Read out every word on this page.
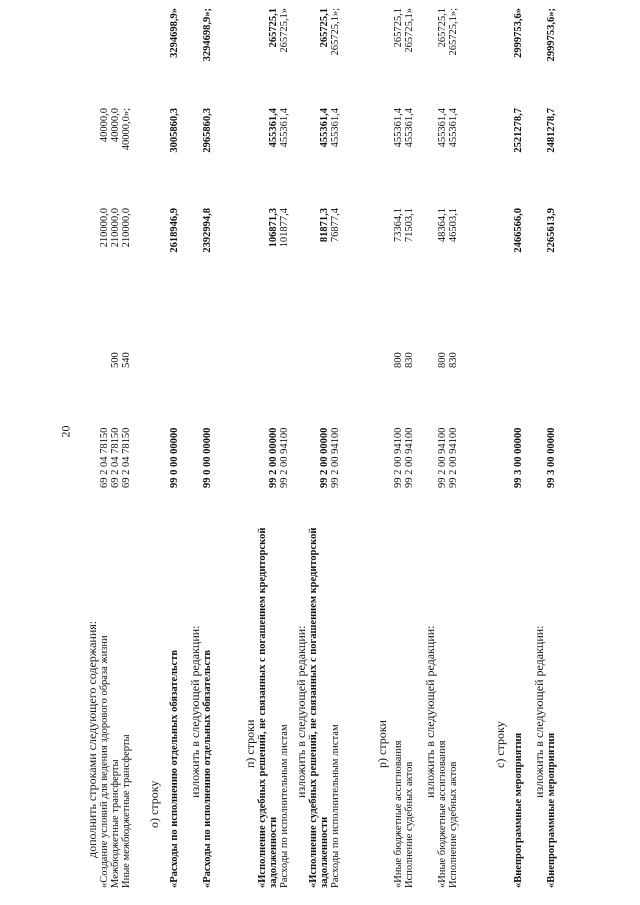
20
дополнить строками следующего содержания: «Создание условий для ведения здорового образа жизни
69 2 04 78150
210000,0
40000,0
Межбюджетные трансферты
69 2 04 78150
500
210000,0
40000,0
Иные межбюджетные трансферты
69 2 04 78150
540
210000,0
40000,0»;
о) строку «Расходы по исполнению отдельных обязательств
99 0 00 00000
2618946,9
3005860,3
3294698,9»
изложить в следующей редакции: «Расходы по исполнению отдельных обязательств
99 0 00 00000
2392994,8
2965860,3
3294698,9»;
п) строки «Исполнение судебных решений, не связанных с погашением кредиторской задолженности
99 2 00 00000
106871,3
455361,4
265725,1
Расходы по исполнительным листам
99 2 00 94100
101877,4
455361,4
265725,1»
изложить в следующей редакции: «Исполнение судебных решений, не связанных с погашением кредиторской задолженности
99 2 00 00000
81871,3
455361,4
265725,1
Расходы по исполнительным листам
99 2 00 94100
76877,4
455361,4
265725,1»;
р) строки «Иные бюджетные ассигнования
99 2 00 94100
800
73364,1
455361,4
265725,1
Исполнение судебных актов
99 2 00 94100
830
71503,1
455361,4
265725,1»
изложить в следующей редакции:
«Иные бюджетные ассигнования
99 2 00 94100
800
48364,1
455361,4
265725,1
Исполнение судебных актов
99 2 00 94100
830
46503,1
455361,4
265725,1»;
с) строку «Внепрограммные мероприятия
99 3 00 00000
2466566,0
2521278,7
2999753,6»
изложить в следующей редакции:
«Внепрограммные мероприятия
99 3 00 00000
2265613,9
2481278,7
2999753,6»;
